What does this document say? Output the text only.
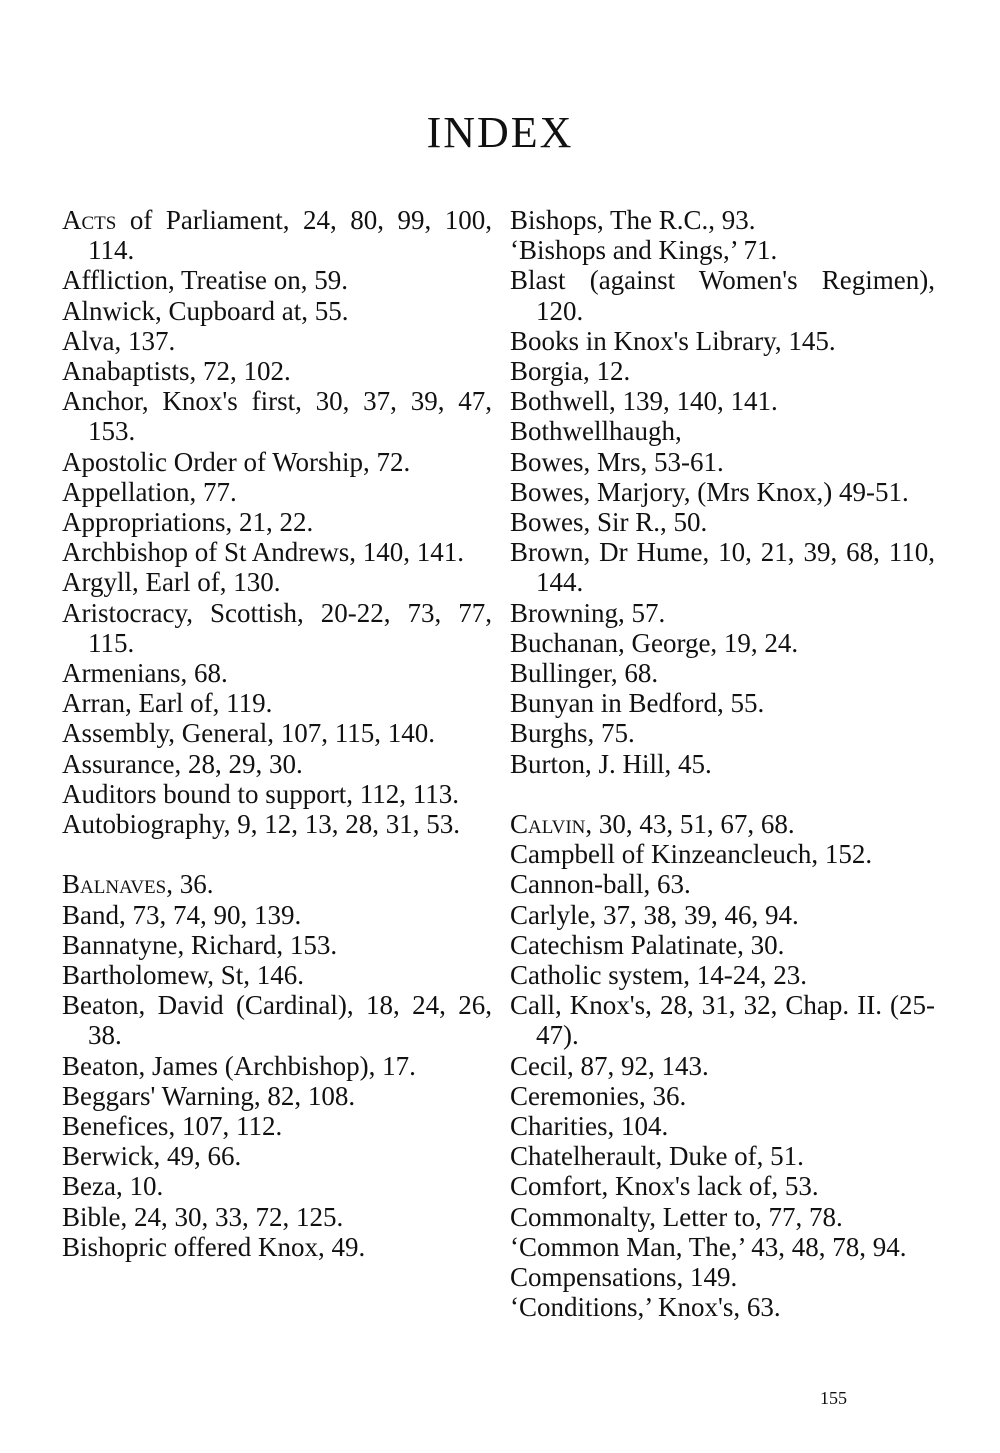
INDEX
Acts of Parliament, 24, 80, 99, 100, 114.
Affliction, Treatise on, 59.
Alnwick, Cupboard at, 55.
Alva, 137.
Anabaptists, 72, 102.
Anchor, Knox's first, 30, 37, 39, 47, 153.
Apostolic Order of Worship, 72.
Appellation, 77.
Appropriations, 21, 22.
Archbishop of St Andrews, 140, 141.
Argyll, Earl of, 130.
Aristocracy, Scottish, 20-22, 73, 77, 115.
Armenians, 68.
Arran, Earl of, 119.
Assembly, General, 107, 115, 140.
Assurance, 28, 29, 30.
Auditors bound to support, 112, 113.
Autobiography, 9, 12, 13, 28, 31, 53.
Balnaves, 36.
Band, 73, 74, 90, 139.
Bannatyne, Richard, 153.
Bartholomew, St, 146.
Beaton, David (Cardinal), 18, 24, 26, 38.
Beaton, James (Archbishop), 17.
Beggars' Warning, 82, 108.
Benefices, 107, 112.
Berwick, 49, 66.
Beza, 10.
Bible, 24, 30, 33, 72, 125.
Bishopric offered Knox, 49.
Bishops, The R.C., 93.
‘Bishops and Kings,’ 71.
Blast (against Women's Regimen), 120.
Books in Knox's Library, 145.
Borgia, 12.
Bothwell, 139, 140, 141.
Bothwellhaugh,
Bowes, Mrs, 53-61.
Bowes, Marjory, (Mrs Knox,) 49-51.
Bowes, Sir R., 50.
Brown, Dr Hume, 10, 21, 39, 68, 110, 144.
Browning, 57.
Buchanan, George, 19, 24.
Bullinger, 68.
Bunyan in Bedford, 55.
Burghs, 75.
Burton, J. Hill, 45.
Calvin, 30, 43, 51, 67, 68.
Campbell of Kinzeancleuch, 152.
Cannon-ball, 63.
Carlyle, 37, 38, 39, 46, 94.
Catechism Palatinate, 30.
Catholic system, 14-24, 23.
Call, Knox's, 28, 31, 32, Chap. II. (25-47).
Cecil, 87, 92, 143.
Ceremonies, 36.
Charities, 104.
Chatelherault, Duke of, 51.
Comfort, Knox's lack of, 53.
Commonalty, Letter to, 77, 78.
‘Common Man, The,’ 43, 48, 78, 94.
Compensations, 149.
‘Conditions,’ Knox's, 63.
155
